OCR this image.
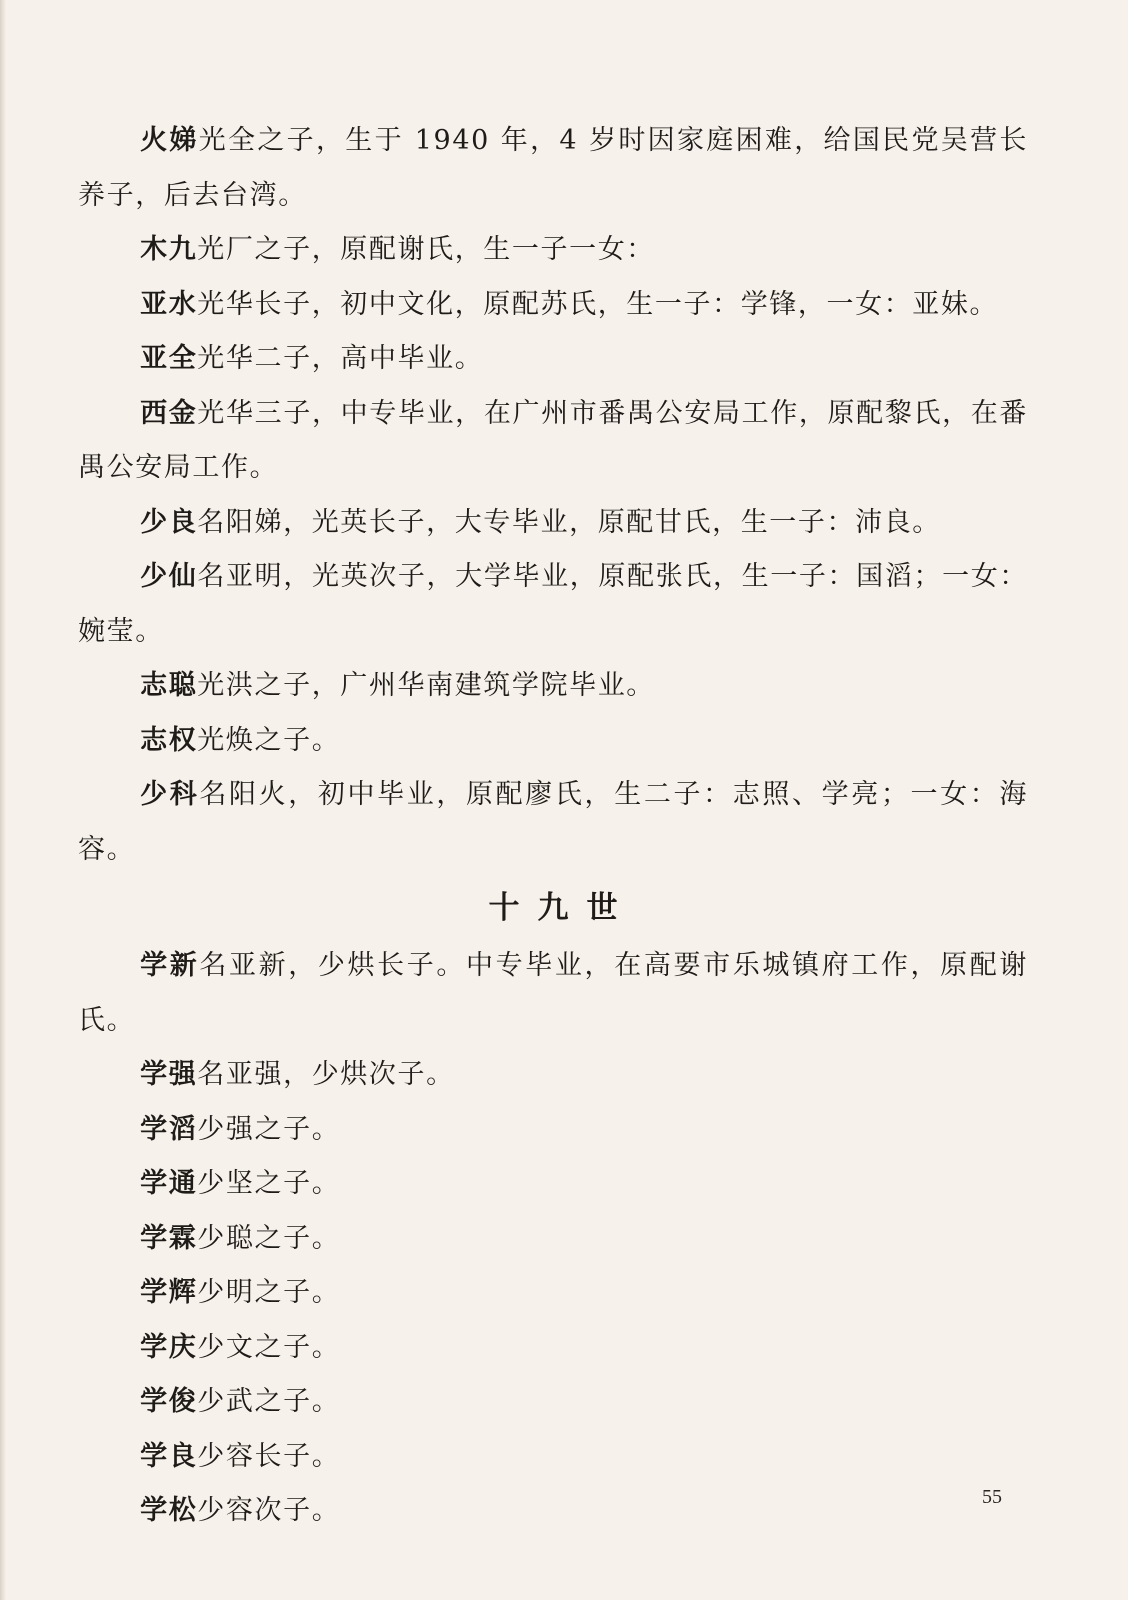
火娣光全之子，生于 1940 年，4 岁时因家庭困难，给国民党吴营长养子，后去台湾。

木九光厂之子，原配谢氏，生一子一女：

亚水光华长子，初中文化，原配苏氏，生一子：学锋，一女：亚妹。

亚全光华二子，高中毕业。

西金光华三子，中专毕业，在广州市番禺公安局工作，原配黎氏，在番禺公安局工作。

少良名阳娣，光英长子，大专毕业，原配甘氏，生一子：沛良。

少仙名亚明，光英次子，大学毕业，原配张氏，生一子：国滔；一女：婉莹。

志聪光洪之子，广州华南建筑学院毕业。

志权光焕之子。

少科名阳火，初中毕业，原配廖氏，生二子：志照、学亮；一女：海容。

十九世

学新名亚新，少烘长子。中专毕业，在高要市乐城镇府工作，原配谢氏。

学强名亚强，少烘次子。

学滔少强之子。

学通少坚之子。

学霖少聪之子。

学辉少明之子。

学庆少文之子。

学俊少武之子。

学良少容长子。

学松少容次子。	55
